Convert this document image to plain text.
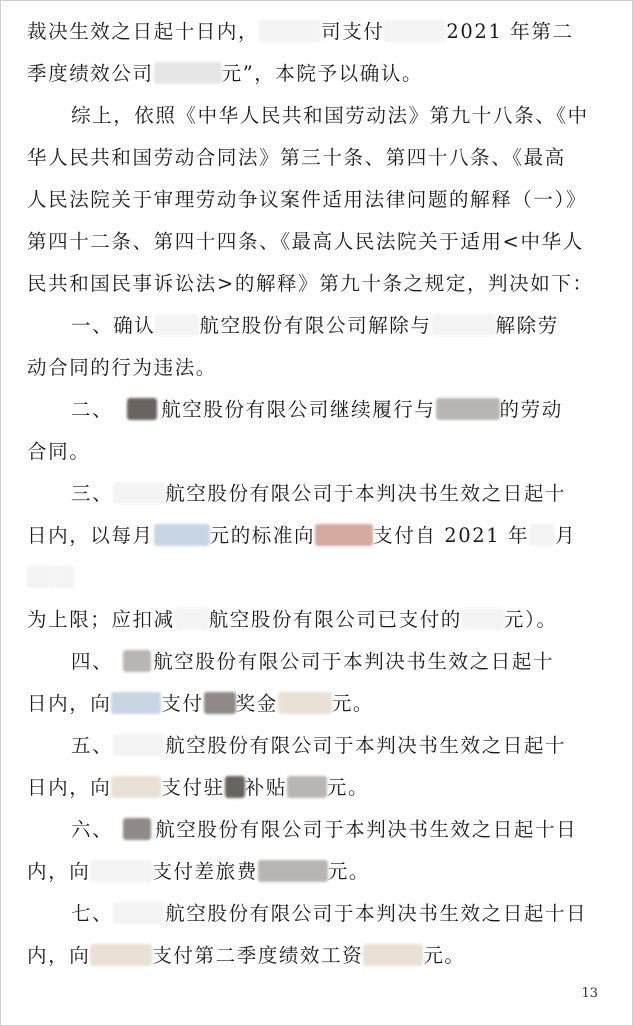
裁决生效之日起十日内，	司支付	2021 年第二
季度绩效公司	元”，本院予以确认。
综上，依照《中华人民共和国劳动法》第九十八条、《中
华人民共和国劳动合同法》第三十条、第四十八条、《最高
人民法院关于审理劳动争议案件适用法律问题的解释（一）》
第四十二条、第四十四条、《最高人民法院关于适用<中华人
民共和国民事诉讼法>的解释》第九十条之规定，判决如下：
一、确认 航空股份有限公司解除与	解除劳
动合同的行为违法。
二、 航空股份有限公司继续履行与	的劳动
合同。
三、	航空股份有限公司于本判决书生效之日起十
日内，以每月	元的标准向	支付自 2021 年 月
为上限；应扣减 航空股份有限公司已支付的 元）。
四、 航空股份有限公司于本判决书生效之日起十
日内，向	支付 奖金	元。
五、	航空股份有限公司于本判决书生效之日起十
日内，向	支付驻 补贴 元。
六、 航空股份有限公司于本判决书生效之日起十日
内，向	支付差旅费	元。
七、	航空股份有限公司于本判决书生效之日起十日
内，向	支付第二季度绩效工资	元。
13
